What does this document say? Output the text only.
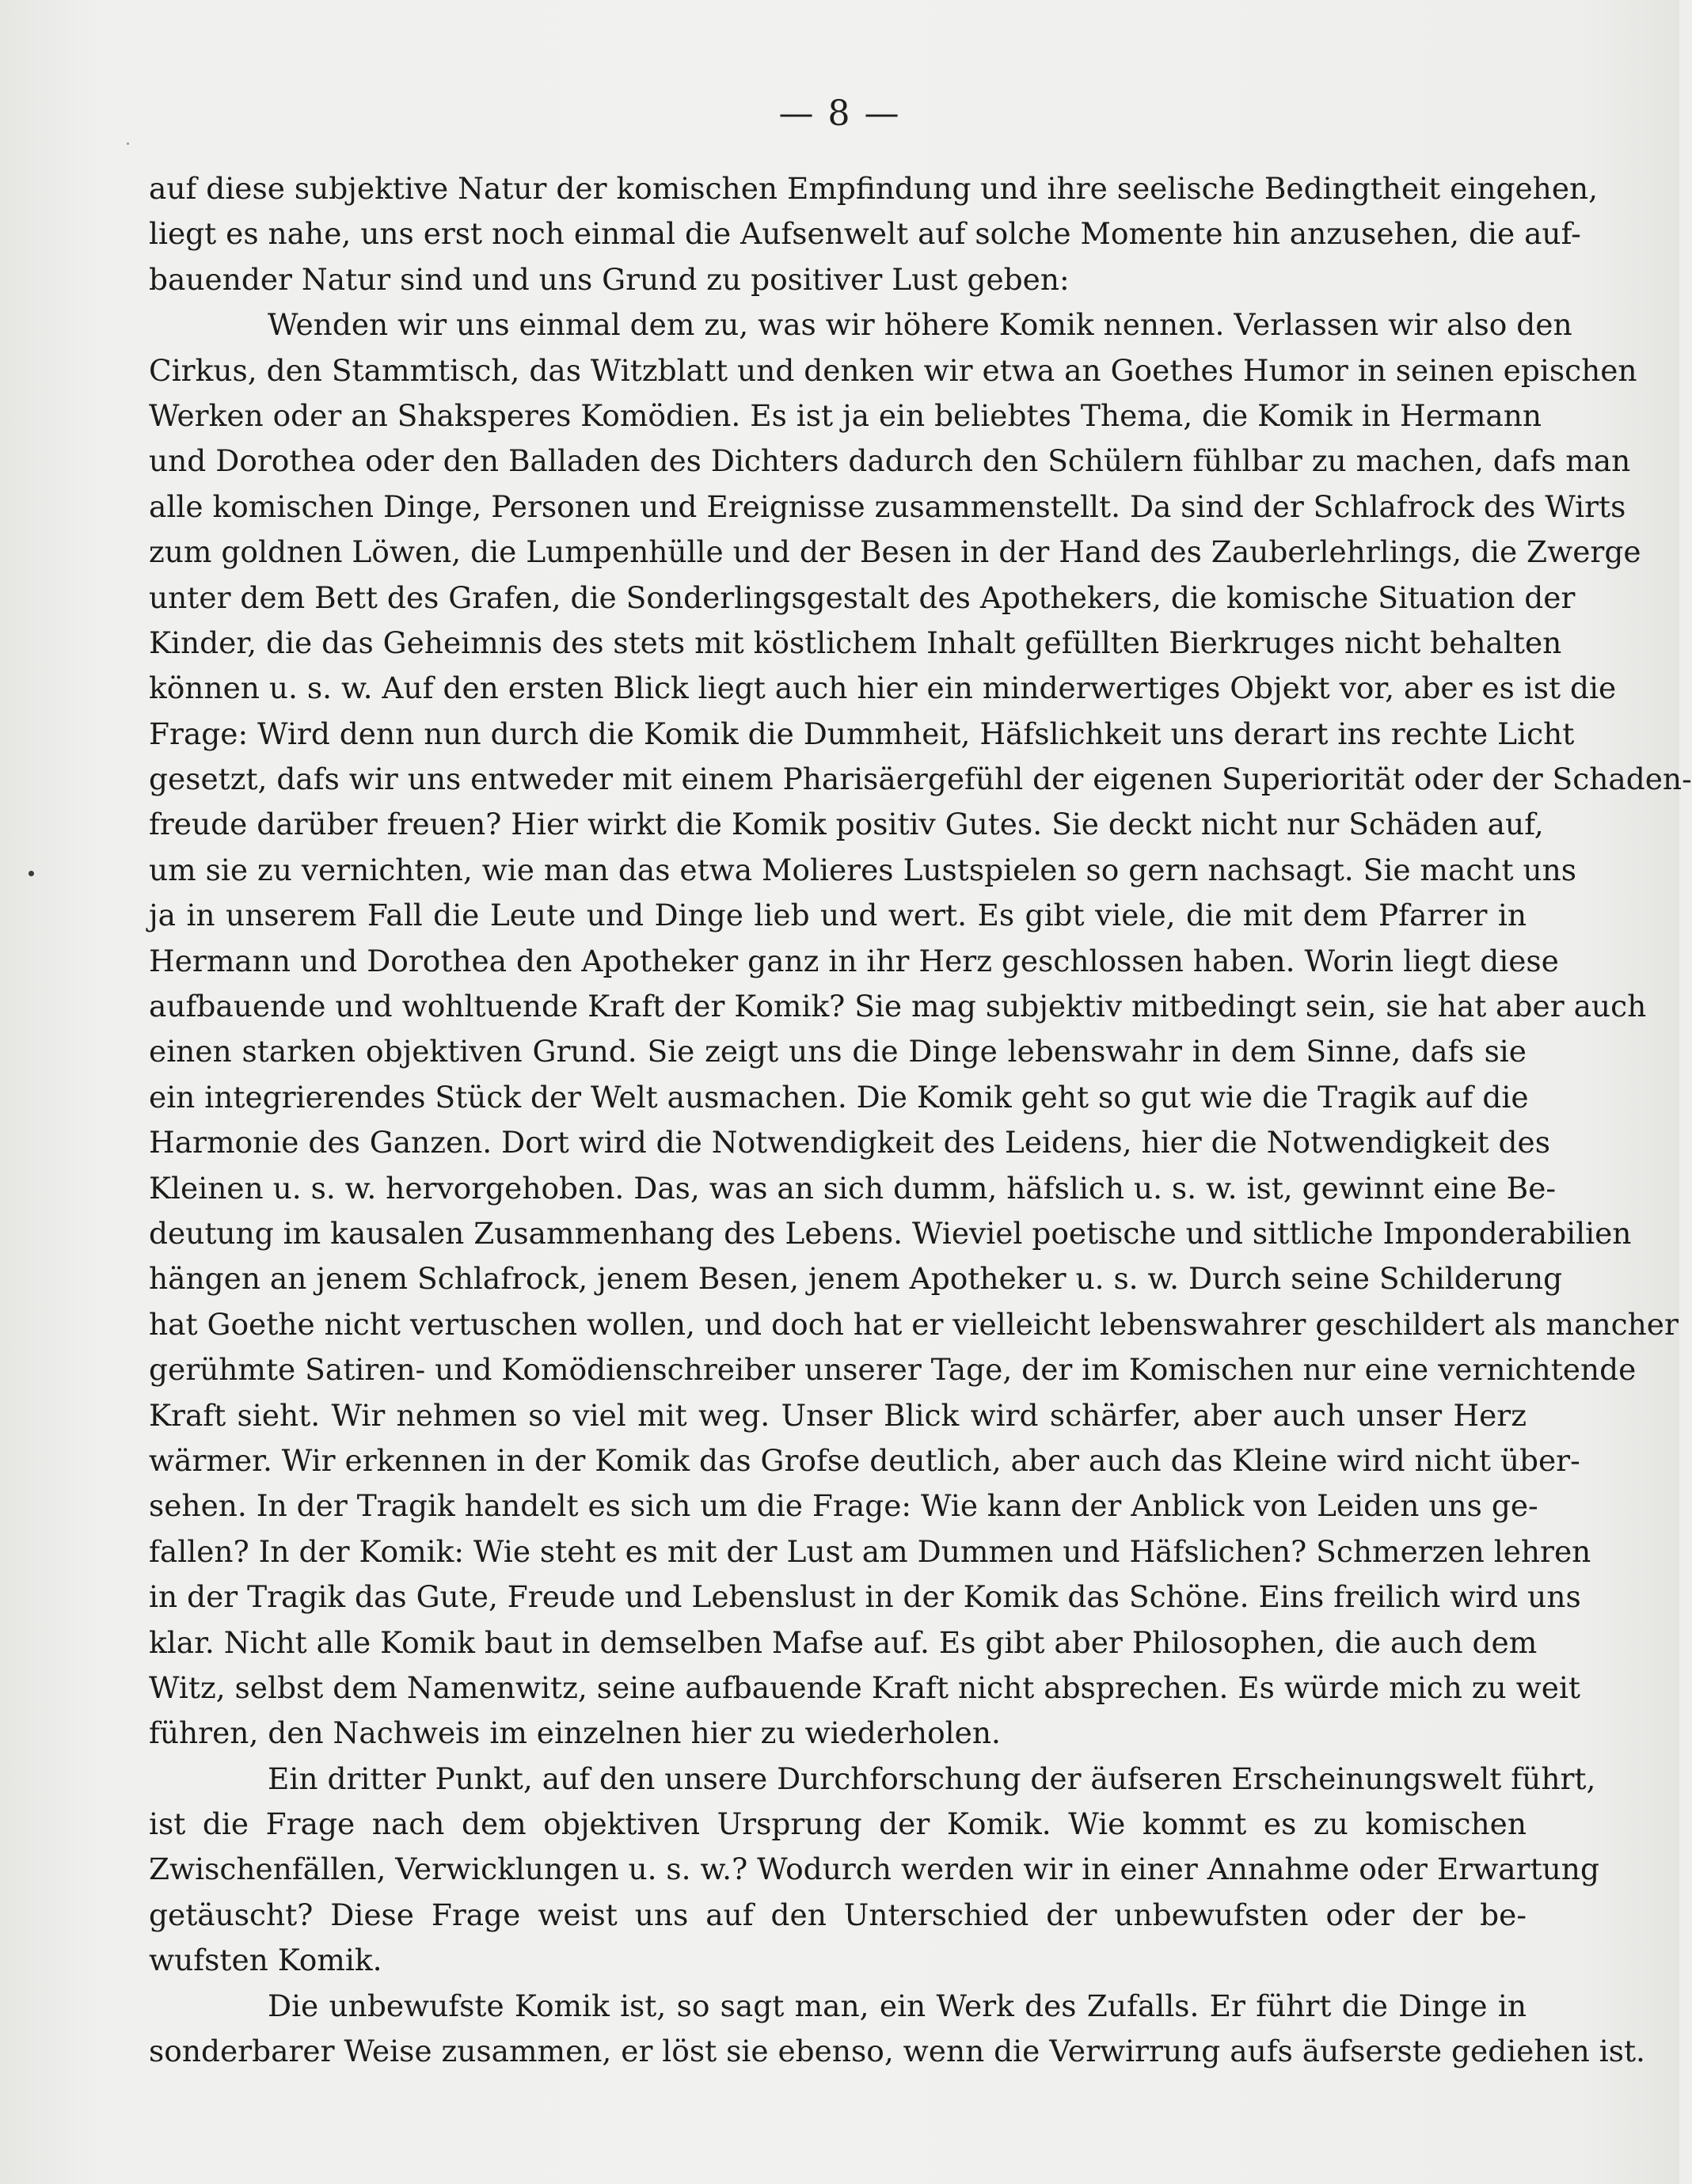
— 8 —
auf diese subjektive Natur der komischen Empfindung und ihre seelische Bedingtheit eingehen,
liegt es nahe, uns erst noch einmal die Aufsenwelt auf solche Momente hin anzusehen, die auf-
bauender Natur sind und uns Grund zu positiver Lust geben:
Wenden wir uns einmal dem zu, was wir höhere Komik nennen. Verlassen wir also den
Cirkus, den Stammtisch, das Witzblatt und denken wir etwa an Goethes Humor in seinen epischen
Werken oder an Shaksperes Komödien. Es ist ja ein beliebtes Thema, die Komik in Hermann
und Dorothea oder den Balladen des Dichters dadurch den Schülern fühlbar zu machen, dafs man
alle komischen Dinge, Personen und Ereignisse zusammenstellt. Da sind der Schlafrock des Wirts
zum goldnen Löwen, die Lumpenhülle und der Besen in der Hand des Zauberlehrlings, die Zwerge
unter dem Bett des Grafen, die Sonderlingsgestalt des Apothekers, die komische Situation der
Kinder, die das Geheimnis des stets mit köstlichem Inhalt gefüllten Bierkruges nicht behalten
können u. s. w. Auf den ersten Blick liegt auch hier ein minderwertiges Objekt vor, aber es ist die
Frage: Wird denn nun durch die Komik die Dummheit, Häfslichkeit uns derart ins rechte Licht
gesetzt, dafs wir uns entweder mit einem Pharisäergefühl der eigenen Superiorität oder der Schaden-
freude darüber freuen? Hier wirkt die Komik positiv Gutes. Sie deckt nicht nur Schäden auf,
um sie zu vernichten, wie man das etwa Molieres Lustspielen so gern nachsagt. Sie macht uns
ja in unserem Fall die Leute und Dinge lieb und wert. Es gibt viele, die mit dem Pfarrer in
Hermann und Dorothea den Apotheker ganz in ihr Herz geschlossen haben. Worin liegt diese
aufbauende und wohltuende Kraft der Komik? Sie mag subjektiv mitbedingt sein, sie hat aber auch
einen starken objektiven Grund. Sie zeigt uns die Dinge lebenswahr in dem Sinne, dafs sie
ein integrierendes Stück der Welt ausmachen. Die Komik geht so gut wie die Tragik auf die
Harmonie des Ganzen. Dort wird die Notwendigkeit des Leidens, hier die Notwendigkeit des
Kleinen u. s. w. hervorgehoben. Das, was an sich dumm, häfslich u. s. w. ist, gewinnt eine Be-
deutung im kausalen Zusammenhang des Lebens. Wieviel poetische und sittliche Imponderabilien
hängen an jenem Schlafrock, jenem Besen, jenem Apotheker u. s. w. Durch seine Schilderung
hat Goethe nicht vertuschen wollen, und doch hat er vielleicht lebenswahrer geschildert als mancher
gerühmte Satiren- und Komödienschreiber unserer Tage, der im Komischen nur eine vernichtende
Kraft sieht. Wir nehmen so viel mit weg. Unser Blick wird schärfer, aber auch unser Herz
wärmer. Wir erkennen in der Komik das Grofse deutlich, aber auch das Kleine wird nicht über-
sehen. In der Tragik handelt es sich um die Frage: Wie kann der Anblick von Leiden uns ge-
fallen? In der Komik: Wie steht es mit der Lust am Dummen und Häfslichen? Schmerzen lehren
in der Tragik das Gute, Freude und Lebenslust in der Komik das Schöne. Eins freilich wird uns
klar. Nicht alle Komik baut in demselben Mafse auf. Es gibt aber Philosophen, die auch dem
Witz, selbst dem Namenwitz, seine aufbauende Kraft nicht absprechen. Es würde mich zu weit
führen, den Nachweis im einzelnen hier zu wiederholen.
Ein dritter Punkt, auf den unsere Durchforschung der äufseren Erscheinungswelt führt,
ist die Frage nach dem objektiven Ursprung der Komik. Wie kommt es zu komischen
Zwischenfällen, Verwicklungen u. s. w.? Wodurch werden wir in einer Annahme oder Erwartung
getäuscht? Diese Frage weist uns auf den Unterschied der unbewufsten oder der be-
wufsten Komik.
Die unbewufste Komik ist, so sagt man, ein Werk des Zufalls. Er führt die Dinge in
sonderbarer Weise zusammen, er löst sie ebenso, wenn die Verwirrung aufs äufserste gediehen ist.
